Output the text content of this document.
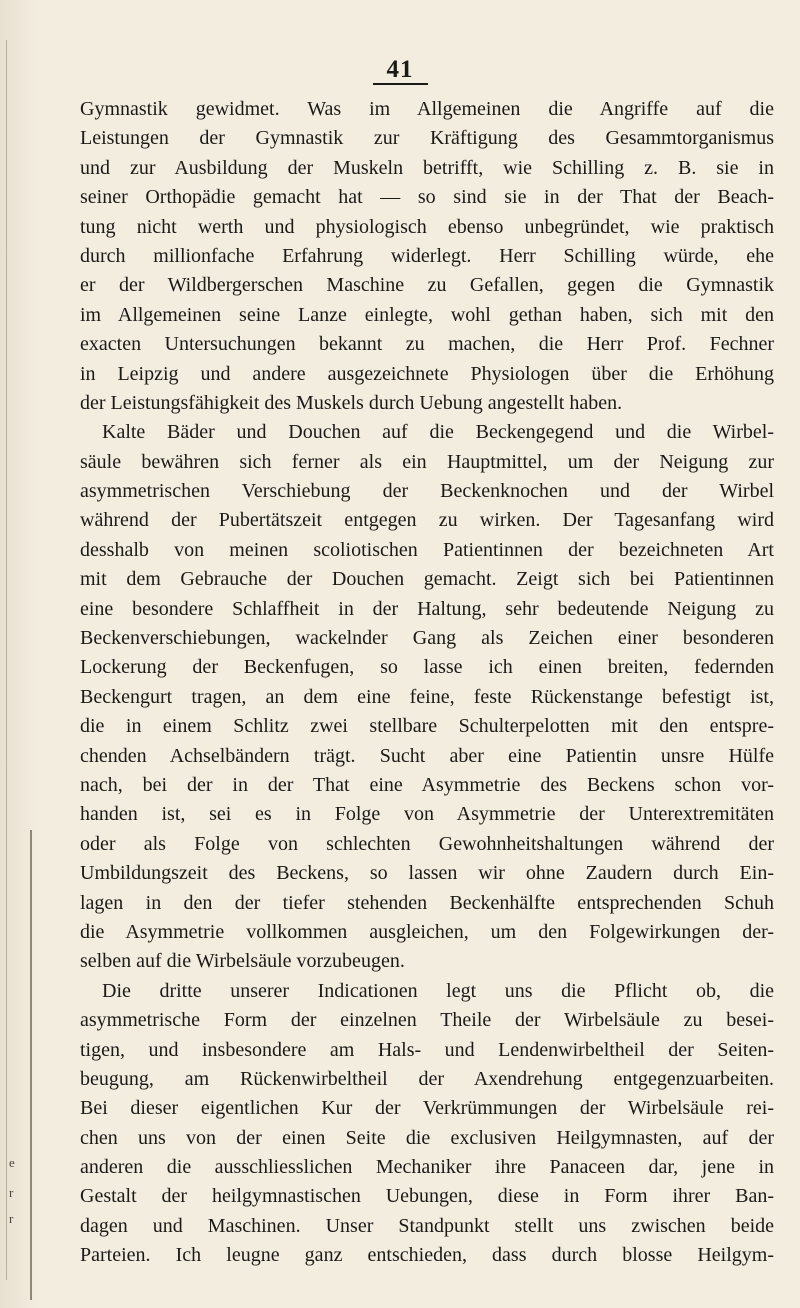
e
r
r
41
Gymnastik gewidmet. Was im Allgemeinen die Angriffe auf die
Leistungen der Gymnastik zur Kräftigung des Gesammtorganismus
und zur Ausbildung der Muskeln betrifft, wie Schilling z. B. sie in
seiner Orthopädie gemacht hat — so sind sie in der That der Beach-
tung nicht werth und physiologisch ebenso unbegründet, wie praktisch
durch millionfache Erfahrung widerlegt. Herr Schilling würde, ehe
er der Wildbergerschen Maschine zu Gefallen, gegen die Gymnastik
im Allgemeinen seine Lanze einlegte, wohl gethan haben, sich mit den
exacten Untersuchungen bekannt zu machen, die Herr Prof. Fechner
in Leipzig und andere ausgezeichnete Physiologen über die Erhöhung
der Leistungsfähigkeit des Muskels durch Uebung angestellt haben.
Kalte Bäder und Douchen auf die Beckengegend und die Wirbel-
säule bewähren sich ferner als ein Hauptmittel, um der Neigung zur
asymmetrischen Verschiebung der Beckenknochen und der Wirbel
während der Pubertätszeit entgegen zu wirken. Der Tagesanfang wird
desshalb von meinen scoliotischen Patientinnen der bezeichneten Art
mit dem Gebrauche der Douchen gemacht. Zeigt sich bei Patientinnen
eine besondere Schlaffheit in der Haltung, sehr bedeutende Neigung zu
Beckenverschiebungen, wackelnder Gang als Zeichen einer besonderen
Lockerung der Beckenfugen, so lasse ich einen breiten, federnden
Beckengurt tragen, an dem eine feine, feste Rückenstange befestigt ist,
die in einem Schlitz zwei stellbare Schulterpelotten mit den entspre-
chenden Achselbändern trägt. Sucht aber eine Patientin unsre Hülfe
nach, bei der in der That eine Asymmetrie des Beckens schon vor-
handen ist, sei es in Folge von Asymmetrie der Unterextremitäten
oder als Folge von schlechten Gewohnheitshaltungen während der
Umbildungszeit des Beckens, so lassen wir ohne Zaudern durch Ein-
lagen in den der tiefer stehenden Beckenhälfte entsprechenden Schuh
die Asymmetrie vollkommen ausgleichen, um den Folgewirkungen der-
selben auf die Wirbelsäule vorzubeugen.
Die dritte unserer Indicationen legt uns die Pflicht ob, die
asymmetrische Form der einzelnen Theile der Wirbelsäule zu besei-
tigen, und insbesondere am Hals- und Lendenwirbeltheil der Seiten-
beugung, am Rückenwirbeltheil der Axendrehung entgegenzuarbeiten.
Bei dieser eigentlichen Kur der Verkrümmungen der Wirbelsäule rei-
chen uns von der einen Seite die exclusiven Heilgymnasten, auf der
anderen die ausschliesslichen Mechaniker ihre Panaceen dar, jene in
Gestalt der heilgymnastischen Uebungen, diese in Form ihrer Ban-
dagen und Maschinen. Unser Standpunkt stellt uns zwischen beide
Parteien. Ich leugne ganz entschieden, dass durch blosse Heilgym-
